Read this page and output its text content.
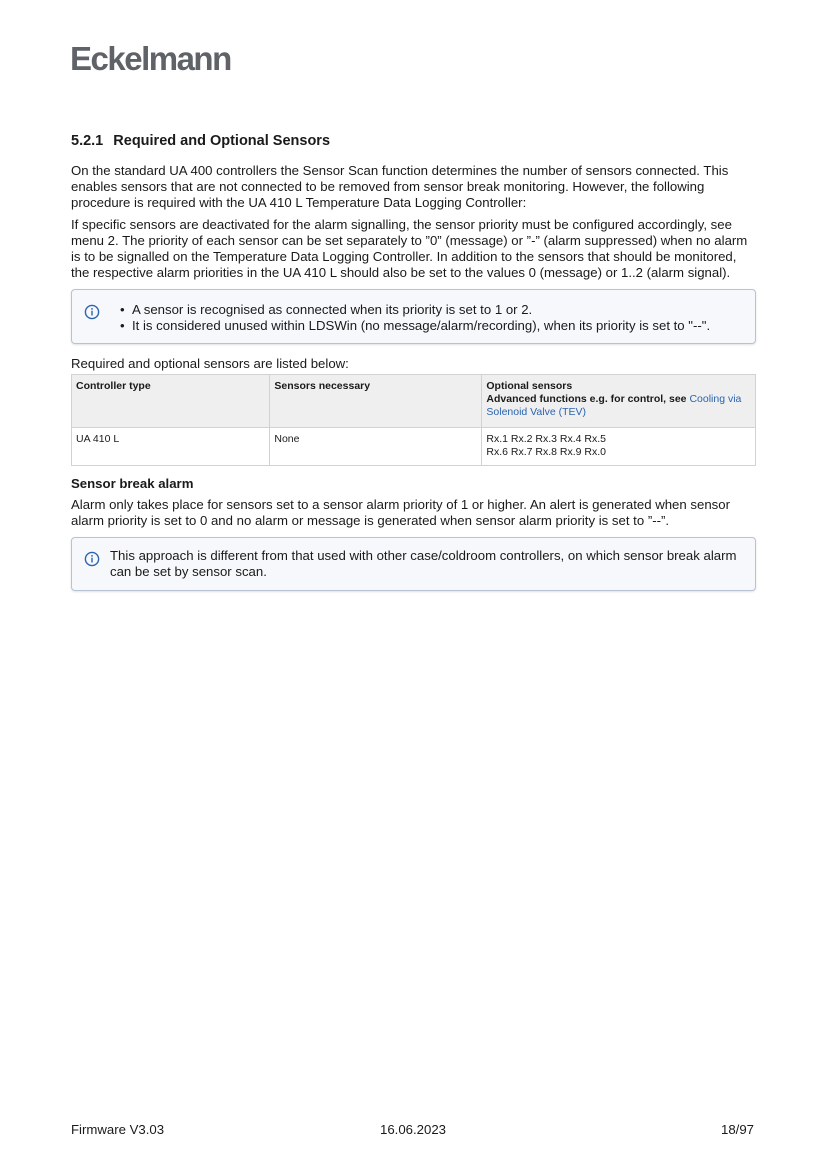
Eckelmann
5.2.1 Required and Optional Sensors

On the standard UA 400 controllers the Sensor Scan function determines the number of sensors connected. This enables sensors that are not connected to be removed from sensor break monitoring. However, the following procedure is required with the UA 410 L Temperature Data Logging Controller:

If specific sensors are deactivated for the alarm signalling, the sensor priority must be configured accordingly, see menu 2. The priority of each sensor can be set separately to ”0” (message) or ”-” (alarm suppressed) when no alarm is to be signalled on the Temperature Data Logging Controller. In addition to the sensors that should be monitored, the respective alarm priorities in the UA 410 L should also be set to the values 0 (message) or 1..2 (alarm signal).

• A sensor is recognised as connected when its priority is set to 1 or 2.
• It is considered unused within LDSWin (no message/alarm/recording), when its priority is set to "--".

Required and optional sensors are listed below:

Controller type	Sensors necessary	Optional sensors
Advanced functions e.g. for control, see Cooling via Solenoid Valve (TEV)

UA 410 L	None	Rx.1 Rx.2 Rx.3 Rx.4 Rx.5
Rx.6 Rx.7 Rx.8 Rx.9 Rx.0
Sensor break alarm

Alarm only takes place for sensors set to a sensor alarm priority of 1 or higher. An alert is generated when sensor alarm priority is set to 0 and no alarm or message is generated when sensor alarm priority is set to ”--”.

This approach is different from that used with other case/coldroom controllers, on which sensor break alarm can be set by sensor scan.
Firmware V3.03	16.06.2023	18/97
